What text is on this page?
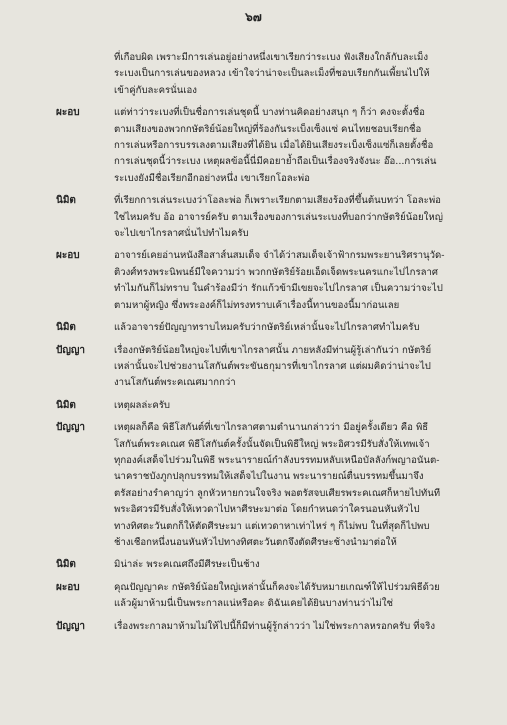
๖๗
ที่เกือบผิด เพราะมีการเล่นอยู่อย่างหนึ่งเขาเรียกว่าระเบง ฟังเสียงใกล้กับละเม็ง
ระเบงเป็นการเล่นของหลวง เข้าใจว่าน่าจะเป็นละเม็งที่ชอบเรียกกันเพี้ยนไปให้
เข้าคู่กับละครนั่นเอง
ผะอบ	แต่ท่าว่าระเบงที่เป็นชื่อการเล่นชุดนี้ บางท่านคิดอย่างสนุก ๆ ก็ว่า คงจะตั้งชื่อ
ตามเสียงของพวกกษัตริย์น้อยใหญ่ที่ร้องกันระเบ็งเซ็งแซ่ คนไทยชอบเรียกชื่อ
การเล่นหรือการบรรเลงตามเสียงที่ได้ยิน เมื่อได้ยินเสียงระเบ็งเซ็งแซ่ก็เลยตั้งชื่อ
การเล่นชุดนี้ว่าระเบง เหตุผลข้อนี้นี่มีคอยาย้ำถือเป็นเรื่องจริงจังนะ อ๊อ...การเล่น
ระเบงยังมีชื่อเรียกอีกอย่างหนึ่ง เขาเรียกโอละพ่อ
นิมิต	ที่เรียกการเล่นระเบงว่าโอละพ่อ ก็เพราะเรียกตามเสียงร้องที่ขึ้นต้นบทว่า โอละพ่อ
ใช่ไหมครับ อ้อ อาจารย์ครับ ตามเรื่องของการเล่นระเบงที่บอกว่ากษัตริย์น้อยใหญ่
จะไปเขาไกรลาศนั่นไปทำไมครับ
ผะอบ	อาจารย์เคยอ่านหนังสือสาส์นสมเด็จ จำได้ว่าสมเด็จเจ้าฟ้ากรมพระยานริศรานุวัด-
ติวงศ์ทรงพระนิพนธ์มีใจความว่า พวกกษัตริย์ร้อยเอ็ดเจ็ดพระนครแกะไปไกรลาศ
ทำไมกันก็ไม่ทราบ ในคำร้องมีว่า รักแก้วข้ามีเขยจะไปไกรลาศ เป็นความว่าจะไป
ตามหาผู้หญิง ซึ่งพระองค์ก็ไม่ทรงทราบเค้าเรื่องนี้ทานของนี้มาก่อนเลย
นิมิต	แล้วอาจารย์ปัญญาทราบไหมครับว่ากษัตริย์เหล่านั้นจะไปไกรลาศทำไมครับ
ปัญญา	เรื่องกษัตริย์น้อยใหญ่จะไปที่เขาไกรลาศนั้น ภายหลังมีท่านผู้รู้เล่ากันว่า กษัตริย์
เหล่านั้นจะไปช่วยงานโสกันต์พระขันธกุมารที่เขาไกรลาศ แต่ผมคิดว่าน่าจะไป
งานโสกันต์พระคเณศมากกว่า
นิมิต	เหตุผลล่ะครับ
ปัญญา	เหตุผลก็คือ พิธีโสกันต์ที่เขาไกรลาศตามตำนานกล่าวว่า มีอยู่ครั้งเดียว คือ พิธี
โสกันต์พระคเณศ พิธีโสกันต์ครั้งนั้นจัดเป็นพิธีใหญ่ พระอิศวรมีรับสั่งให้เทพเจ้า
ทุกองค์เสด็จไปร่วมในพิธี พระนารายณ์กำลังบรรทมหลับเหนือบัลลังก์พญาอนันต-
นาคราชบังภูกปลุกบรรทมให้เสด็จไปในงาน พระนารายณ์ตื่นบรรทมขึ้นมาจึง
ตรัสอย่างรำคาญว่า ลูกหัวหายกวนใจจริง พอตรัสจบเศียรพระคเณศก็หายไปทันที
พระอิศวรมีรับสั่งให้เทวดาไปหาศีรษะมาต่อ โดยกำหนดว่าใครนอนหันหัวไป
ทางทิศตะวันตกก็ให้ตัดศีรษะมา แต่เทวดาหาเท่าไหร่ ๆ ก็ไม่พบ ในที่สุดก็ไปพบ
ช้างเชือกหนึ่งนอนหันหัวไปทางทิศตะวันตกจึงตัดศีรษะช้างนำมาต่อให้
นิมิต	มิน่าล่ะ พระคเณศถึงมีศีรษะเป็นช้าง
ผะอบ	คุณปัญญาคะ กษัตริย์น้อยใหญ่เหล่านั้นก็คงจะได้รับหมายเกณฑ์ให้ไปร่วมพิธีด้วย
แล้วผู้มาห้ามนี่เป็นพระกาลแน่หรือคะ ดิฉันเคยได้ยินบางท่านว่าไม่ใช่
ปัญญา	เรื่องพระกาลมาห้ามไม่ให้ไปนี้ก็มีท่านผู้รู้กล่าวว่า ไม่ใช่พระกาลหรอกครับ ที่จริง
